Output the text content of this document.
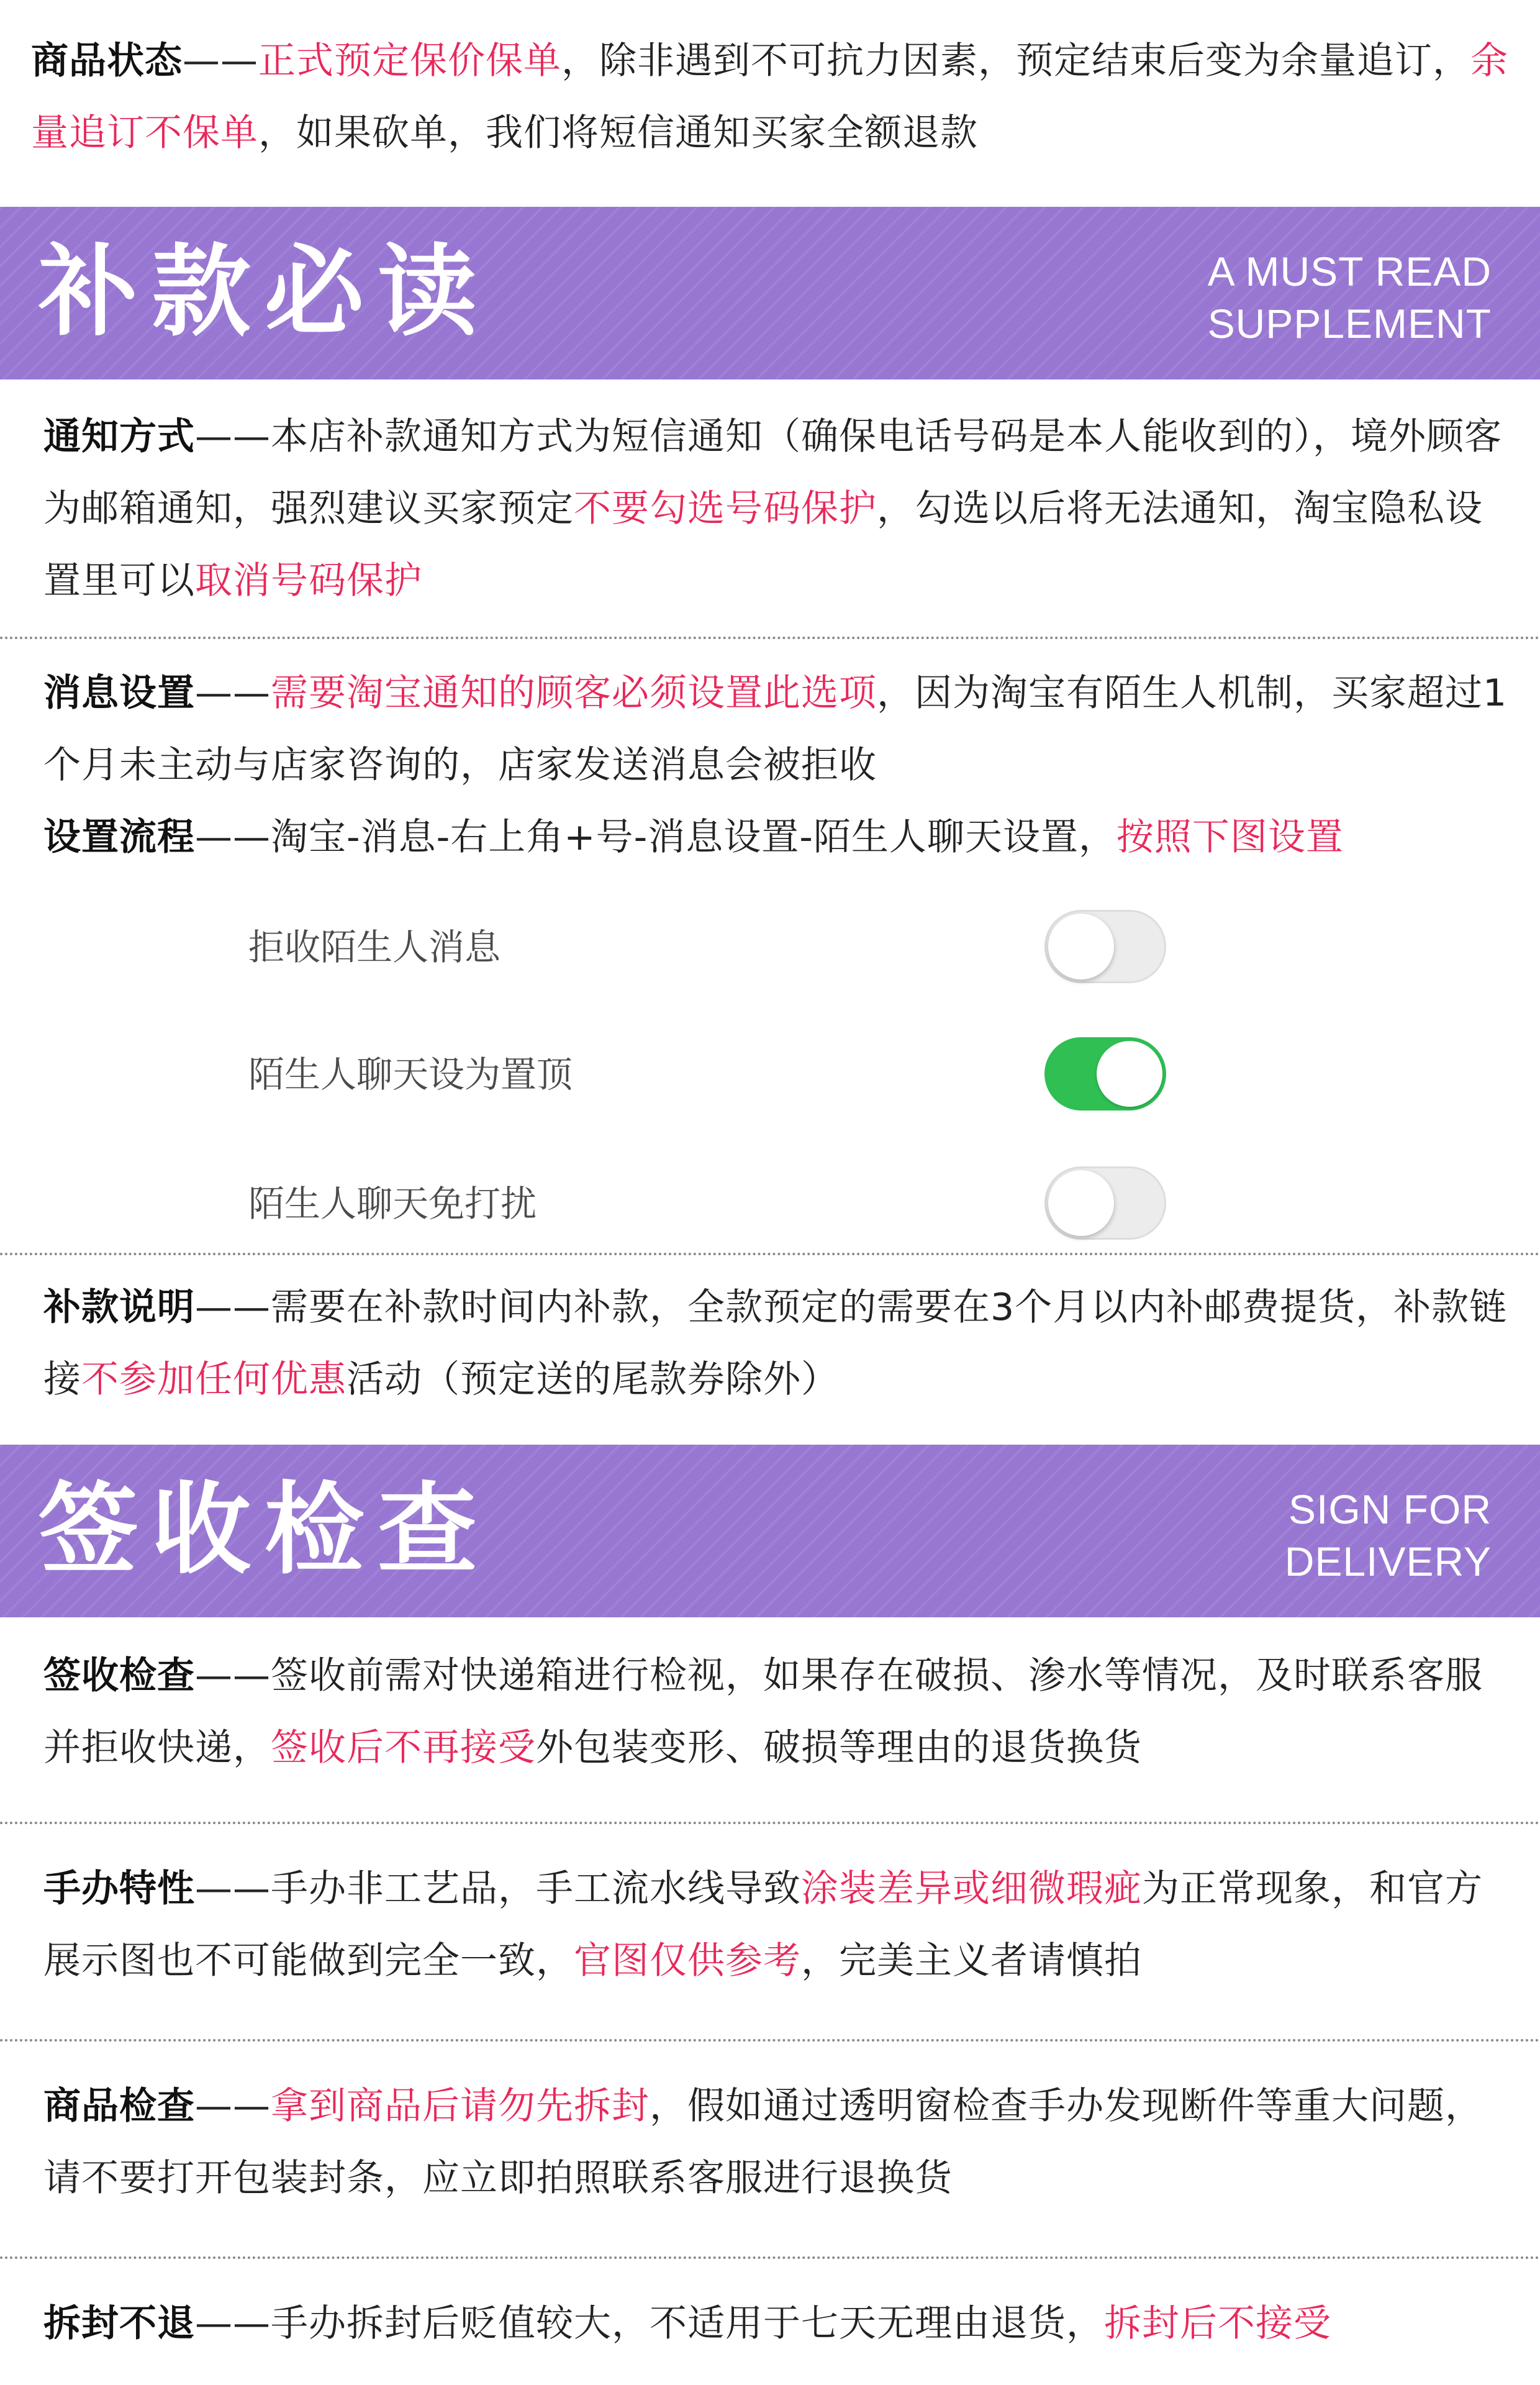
商品状态——正式预定保价保单，除非遇到不可抗力因素，预定结束后变为余量追订，余量追订不保单，如果砍单，我们将短信通知买家全额退款

补款必读	A MUST READ
SUPPLEMENT

通知方式——本店补款通知方式为短信通知（确保电话号码是本人能收到的），境外顾客为邮箱通知，强烈建议买家预定不要勾选号码保护，勾选以后将无法通知，淘宝隐私设置里可以取消号码保护

消息设置——需要淘宝通知的顾客必须设置此选项，因为淘宝有陌生人机制，买家超过1个月未主动与店家咨询的，店家发送消息会被拒收

设置流程——淘宝-消息-右上角+号-消息设置-陌生人聊天设置，按照下图设置

拒收陌生人消息
陌生人聊天设为置顶
陌生人聊天免打扰

补款说明——需要在补款时间内补款，全款预定的需要在3个月以内补邮费提货，补款链接不参加任何优惠活动（预定送的尾款券除外）

签收检查	SIGN FOR
DELIVERY

签收检查——签收前需对快递箱进行检视，如果存在破损、渗水等情况，及时联系客服并拒收快递，签收后不再接受外包装变形、破损等理由的退货换货

手办特性——手办非工艺品，手工流水线导致涂装差异或细微瑕疵为正常现象，和官方展示图也不可能做到完全一致，官图仅供参考，完美主义者请慎拍

商品检查——拿到商品后请勿先拆封，假如通过透明窗检查手办发现断件等重大问题，请不要打开包装封条，应立即拍照联系客服进行退换货

拆封不退——手办拆封后贬值较大，不适用于七天无理由退货，拆封后不接受
